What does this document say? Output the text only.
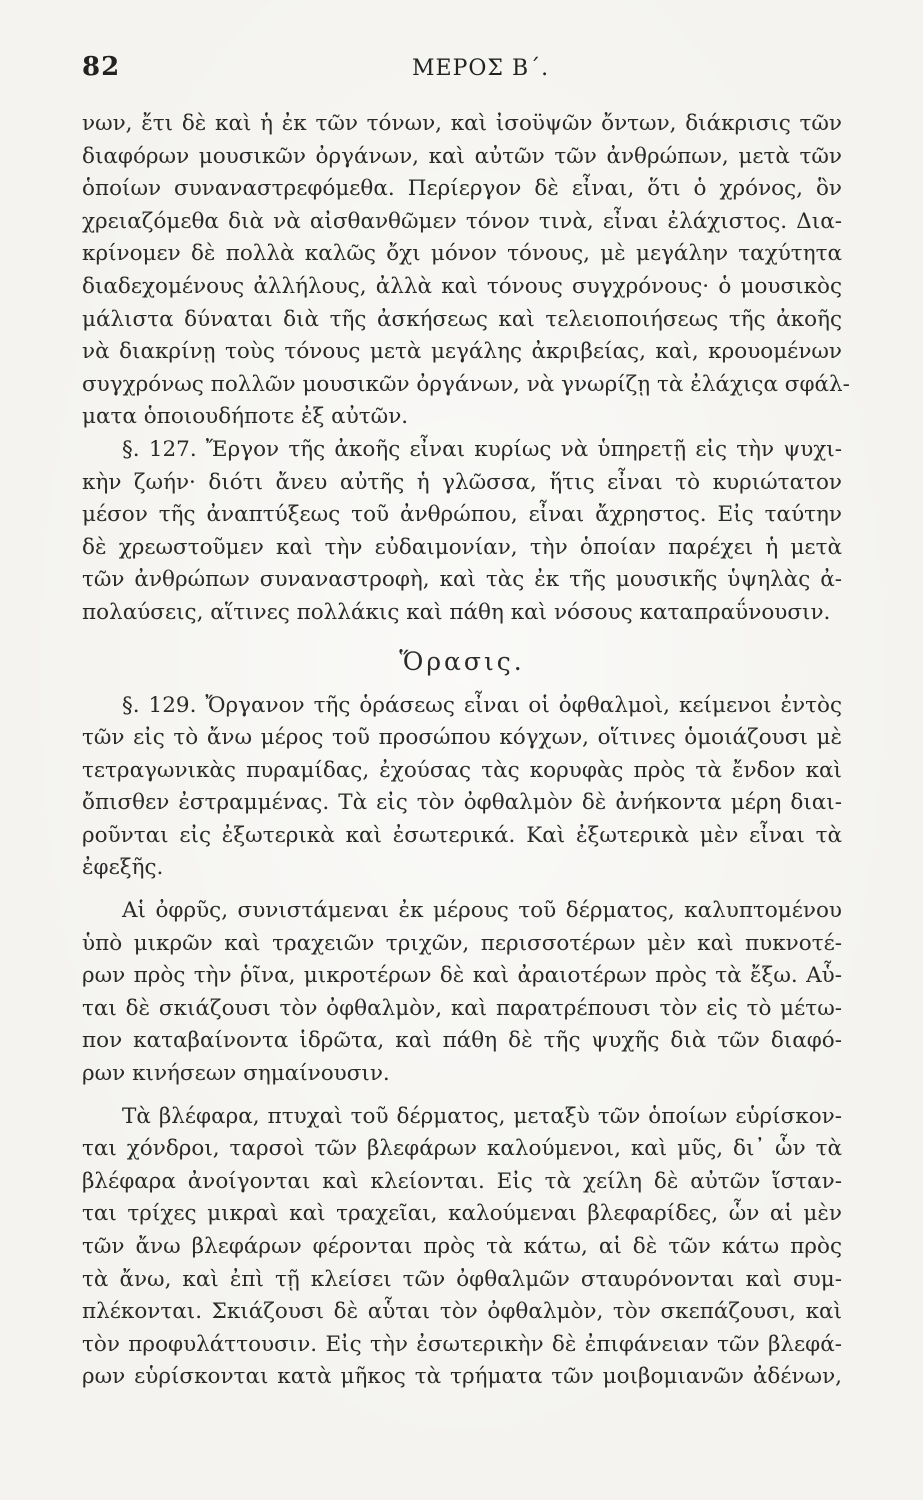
82	ΜΕΡΟΣ Β΄.
νων, ἔτι δὲ καὶ ἡ ἐκ τῶν τόνων, καὶ ἰσοϋψῶν ὄντων, διάκρισις τῶν
διαφόρων μουσικῶν ὀργάνων, καὶ αὐτῶν τῶν ἀνθρώπων, μετὰ τῶν
ὁποίων συναναστρεφόμεθα. Περίεργον δὲ εἶναι, ὅτι ὁ χρόνος, ὃν
χρειαζόμεθα διὰ νὰ αἰσθανθῶμεν τόνον τινὰ, εἶναι ἐλάχιστος. Δια-
κρίνομεν δὲ πολλὰ καλῶς ὄχι μόνον τόνους, μὲ μεγάλην ταχύτητα
διαδεχομένους ἀλλήλους, ἀλλὰ καὶ τόνους συγχρόνους· ὁ μουσικὸς
μάλιστα δύναται διὰ τῆς ἀσκήσεως καὶ τελειοποιήσεως τῆς ἀκοῆς
νὰ διακρίνῃ τοὺς τόνους μετὰ μεγάλης ἀκριβείας, καὶ, κρουομένων
συγχρόνως πολλῶν μουσικῶν ὀργάνων, νὰ γνωρίζῃ τὰ ἐλάχιςα σφάλ-
ματα ὁποιουδήποτε ἐξ αὐτῶν.
§. 127. Ἔργον τῆς ἀκοῆς εἶναι κυρίως νὰ ὑπηρετῇ εἰς τὴν ψυχι-
κὴν ζωήν· διότι ἄνευ αὐτῆς ἡ γλῶσσα, ἥτις εἶναι τὸ κυριώτατον
μέσον τῆς ἀναπτύξεως τοῦ ἀνθρώπου, εἶναι ἄχρηστος. Εἰς ταύτην
δὲ χρεωστοῦμεν καὶ τὴν εὐδαιμονίαν, τὴν ὁποίαν παρέχει ἡ μετὰ
τῶν ἀνθρώπων συναναστροφὴ, καὶ τὰς ἐκ τῆς μουσικῆς ὑψηλὰς ἀ-
πολαύσεις, αἵτινες πολλάκις καὶ πάθη καὶ νόσους καταπραΰνουσιν.
Ὅρασις.
§. 129. Ὄργανον τῆς ὁράσεως εἶναι οἱ ὀφθαλμοὶ, κείμενοι ἐντὸς
τῶν εἰς τὸ ἄνω μέρος τοῦ προσώπου κόγχων, οἵτινες ὁμοιάζουσι μὲ
τετραγωνικὰς πυραμίδας, ἐχούσας τὰς κορυφὰς πρὸς τὰ ἔνδον καὶ
ὄπισθεν ἐστραμμένας. Τὰ εἰς τὸν ὀφθαλμὸν δὲ ἀνήκοντα μέρη διαι-
ροῦνται εἰς ἐξωτερικὰ καὶ ἐσωτερικά. Καὶ ἐξωτερικὰ μὲν εἶναι τὰ
ἐφεξῆς.
Αἱ ὀφρῦς, συνιστάμεναι ἐκ μέρους τοῦ δέρματος, καλυπτομένου
ὑπὸ μικρῶν καὶ τραχειῶν τριχῶν, περισσοτέρων μὲν καὶ πυκνοτέ-
ρων πρὸς τὴν ῥῖνα, μικροτέρων δὲ καὶ ἀραιοτέρων πρὸς τὰ ἔξω. Αὗ-
ται δὲ σκιάζουσι τὸν ὀφθαλμὸν, καὶ παρατρέπουσι τὸν εἰς τὸ μέτω-
πον καταβαίνοντα ἱδρῶτα, καὶ πάθη δὲ τῆς ψυχῆς διὰ τῶν διαφό-
ρων κινήσεων σημαίνουσιν.
Τὰ βλέφαρα, πτυχαὶ τοῦ δέρματος, μεταξὺ τῶν ὁποίων εὑρίσκον-
ται χόνδροι, ταρσοὶ τῶν βλεφάρων καλούμενοι, καὶ μῦς, δι᾽ ὧν τὰ
βλέφαρα ἀνοίγονται καὶ κλείονται. Εἰς τὰ χείλη δὲ αὐτῶν ἵσταν-
ται τρίχες μικραὶ καὶ τραχεῖαι, καλούμεναι βλεφαρίδες, ὧν αἱ μὲν
τῶν ἄνω βλεφάρων φέρονται πρὸς τὰ κάτω, αἱ δὲ τῶν κάτω πρὸς
τὰ ἄνω, καὶ ἐπὶ τῇ κλείσει τῶν ὀφθαλμῶν σταυρόνονται καὶ συμ-
πλέκονται. Σκιάζουσι δὲ αὗται τὸν ὀφθαλμὸν, τὸν σκεπάζουσι, καὶ
τὸν προφυλάττουσιν. Εἰς τὴν ἐσωτερικὴν δὲ ἐπιφάνειαν τῶν βλεφά-
ρων εὑρίσκονται κατὰ μῆκος τὰ τρήματα τῶν μοιβομιανῶν ἀδένων,
